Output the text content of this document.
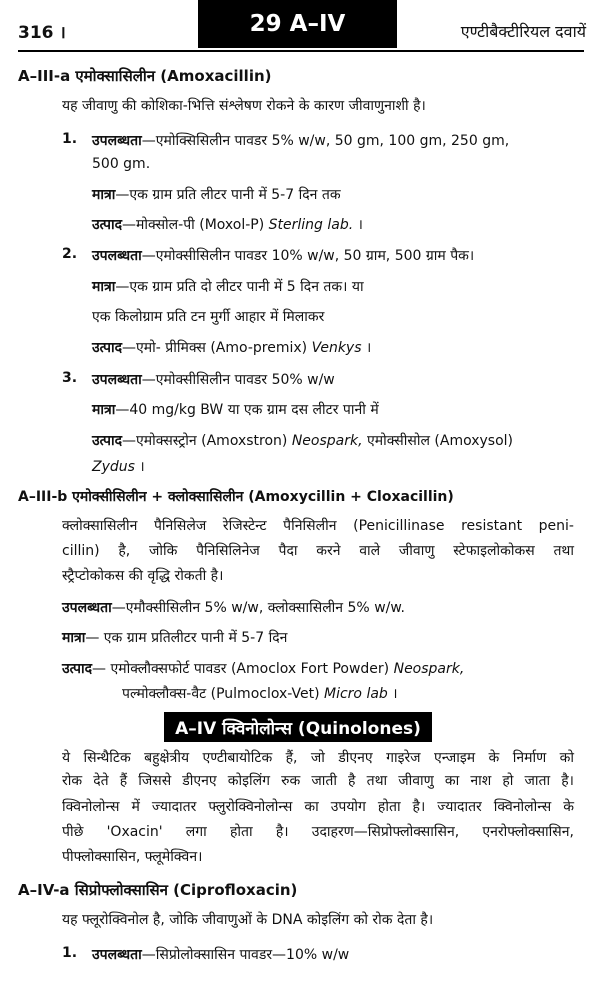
316 ।	29 A–IV	एण्टीबैक्टीरियल दवायें
A–III-a एमोक्सासिलीन (Amoxacillin)
यह जीवाणु की कोशिका-भित्ति संश्लेषण रोकने के कारण जीवाणुनाशी है।
1. उपलब्धता—एमोक्सिसिलीन पावडर 5% w/w, 50 gm, 100 gm, 250 gm,
500 gm.
मात्रा—एक ग्राम प्रति लीटर पानी में 5-7 दिन तक
उत्पाद—मोक्सोल-पी (Moxol-P) Sterling lab. ।
2. उपलब्धता—एमोक्सीसिलीन पावडर 10% w/w, 50 ग्राम, 500 ग्राम पैक।
मात्रा—एक ग्राम प्रति दो लीटर पानी में 5 दिन तक। या
एक किलोग्राम प्रति टन मुर्गी आहार में मिलाकर
उत्पाद—एमो- प्रीमिक्स (Amo-premix) Venkys ।
3. उपलब्धता—एमोक्सीसिलीन पावडर 50% w/w
मात्रा—40 mg/kg BW या एक ग्राम दस लीटर पानी में
उत्पाद—एमोक्सस्ट्रोन (Amoxstron) Neospark, एमोक्सीसोल (Amoxysol)
Zydus ।
A–III-b एमोक्सीसिलीन + क्लोक्सासिलीन (Amoxycillin + Cloxacillin)
क्लोक्सासिलीन पैनिसिलेज रेजिस्टेन्ट पैनिसिलीन (Penicillinase resistant peni-
cillin) है, जोकि पैनिसिलिनेज पैदा करने वाले जीवाणु स्टेफाइलोकोकस तथा
स्ट्रैप्टोकोकस की वृद्धि रोकती है।
उपलब्धता—एमौक्सीसिलीन 5% w/w, क्लोक्सासिलीन 5% w/w.
मात्रा— एक ग्राम प्रतिलीटर पानी में 5-7 दिन
उत्पाद— एमोक्लौक्सफोर्ट पावडर (Amoclox Fort Powder) Neospark,
पल्मोक्लौक्स-वैट (Pulmoclox-Vet) Micro lab ।
A–IV क्विनोलोन्स (Quinolones)
ये सिन्थैटिक बहुक्षेत्रीय एण्टीबायोटिक हैं, जो डीएनए गाइरेज एन्जाइम के निर्माण को
रोक देते हैं जिससे डीएनए कोइलिंग रुक जाती है तथा जीवाणु का नाश हो जाता है।
क्विनोलोन्स में ज्यादातर फ्लुरोक्विनोलोन्स का उपयोग होता है। ज्यादातर क्विनोलोन्स के
पीछे 'Oxacin' लगा होता है। उदाहरण—सिप्रोफ्लोक्सासिन, एनरोफ्लोक्सासिन,
पीफ्लोक्सासिन, फ्लूमेक्विन।
A–IV-a सिप्रोफ्लोक्सासिन (Ciprofloxacin)
यह फ्लूरोक्विनोल है, जोकि जीवाणुओं के DNA कोइलिंग को रोक देता है।
1. उपलब्धता—सिप्रोलोक्सासिन पावडर—10% w/w
